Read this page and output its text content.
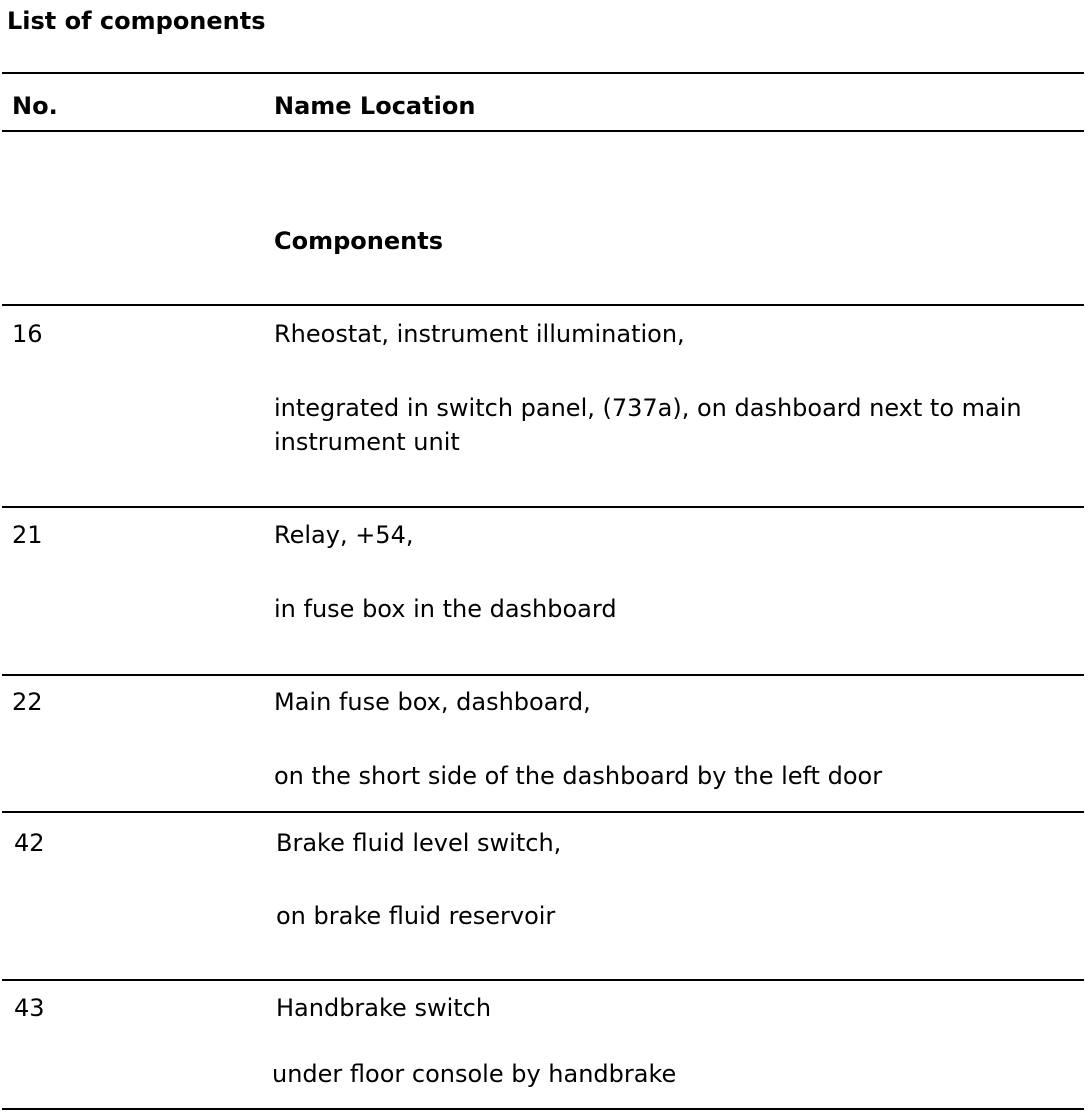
List of components
No.	Name Location
Components
16	Rheostat, instrument illumination,
integrated in switch panel, (737a), on dashboard next to main instrument unit
21	Relay, +54,
in fuse box in the dashboard
22	Main fuse box, dashboard,
on the short side of the dashboard by the left door
42	Brake fluid level switch,
on brake fluid reservoir
43	Handbrake switch
under floor console by handbrake
